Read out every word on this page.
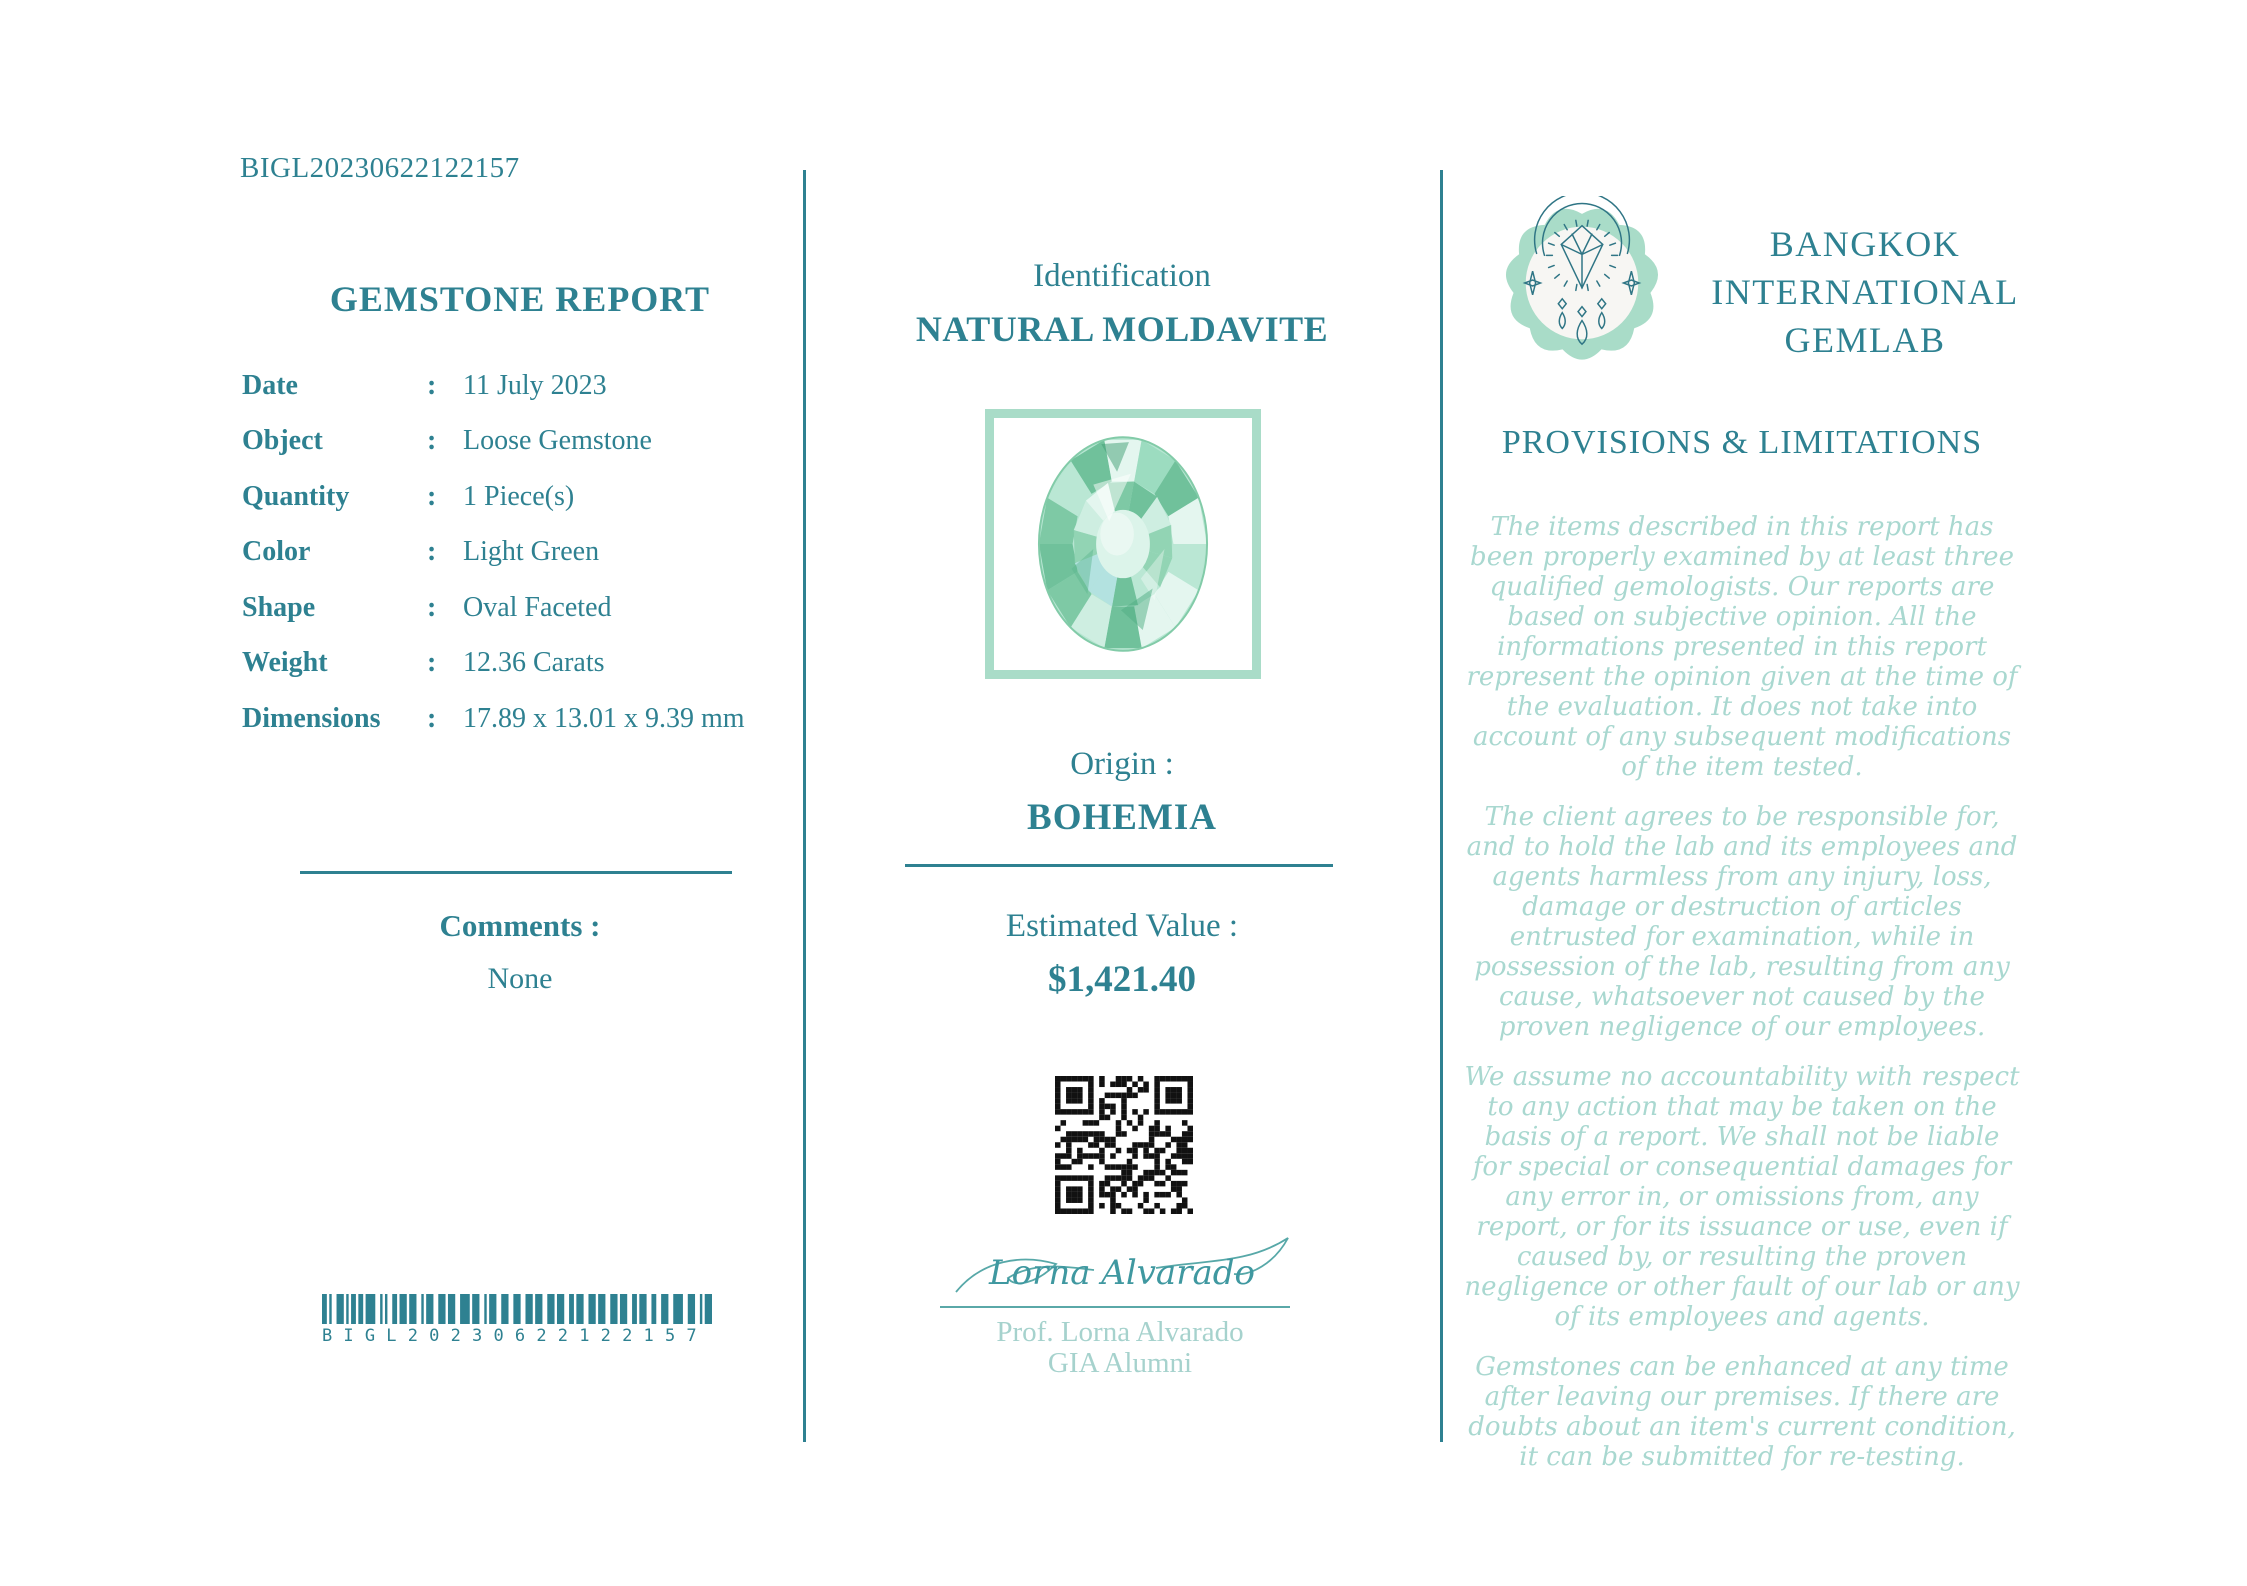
BIGL20230622122157
GEMSTONE REPORT
Date	: 11 July 2023
Object	: Loose Gemstone
Quantity	: 1 Piece(s)
Color	: Light Green
Shape	: Oval Faceted
Weight	: 12.36 Carats
Dimensions	: 17.89 x 13.01 x 9.39 mm
Comments :
None
BIGL20230622122157
Identification
NATURAL MOLDAVITE
Origin :
BOHEMIA
Estimated Value :
$1,421.40
Lorna Alvarado
Prof. Lorna Alvarado
GIA Alumni
BANGKOK
INTERNATIONAL
GEMLAB
PROVISIONS & LIMITATIONS

The items described in this report has been properly examined by at least three qualified gemologists. Our reports are based on subjective opinion. All the informations presented in this report represent the opinion given at the time of the evaluation. It does not take into account of any subsequent modifications of the item tested.

The client agrees to be responsible for, and to hold the lab and its employees and agents harmless from any injury, loss, damage or destruction of articles entrusted for examination, while in possession of the lab, resulting from any cause, whatsoever not caused by the proven negligence of our employees.

We assume no accountability with respect to any action that may be taken on the basis of a report. We shall not be liable for special or consequential damages for any error in, or omissions from, any report, or for its issuance or use, even if caused by, or resulting the proven negligence or other fault of our lab or any of its employees and agents.

Gemstones can be enhanced at any time after leaving our premises. If there are doubts about an item's current condition, it can be submitted for re-testing.
